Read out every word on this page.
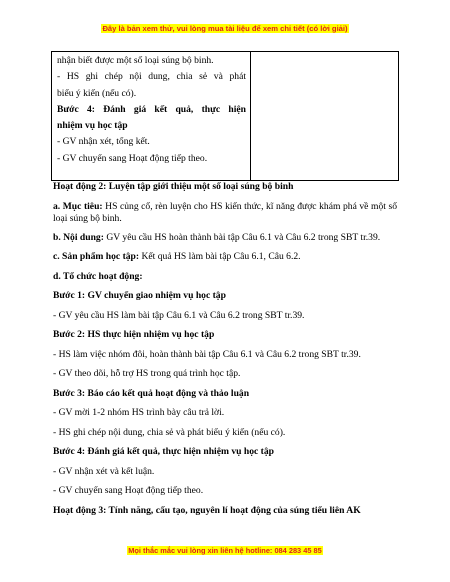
Đây là bản xem thử, vui lòng mua tài liệu để xem chi tiết (có lời giải)
nhận biết được một số loại súng bộ binh.
- HS ghi chép nội dung, chia sẻ và phát
biểu ý kiến (nếu có).
Bước 4: Đánh giá kết quả, thực hiện
nhiệm vụ học tập
- GV nhận xét, tổng kết.
- GV chuyển sang Hoạt động tiếp theo.

Hoạt động 2: Luyện tập giới thiệu một số loại súng bộ binh
a. Mục tiêu: HS củng cố, rèn luyện cho HS kiến thức, kĩ năng được khám phá về một số loại súng bộ binh.
b. Nội dung: GV yêu cầu HS hoàn thành bài tập Câu 6.1 và Câu 6.2 trong SBT tr.39.
c. Sản phẩm học tập: Kết quả HS làm bài tập Câu 6.1, Câu 6.2.
d. Tổ chức hoạt động:
Bước 1: GV chuyển giao nhiệm vụ học tập
- GV yêu cầu HS làm bài tập Câu 6.1 và Câu 6.2 trong SBT tr.39.
Bước 2: HS thực hiện nhiệm vụ học tập
- HS làm việc nhóm đôi, hoàn thành bài tập Câu 6.1 và Câu 6.2 trong SBT tr.39.
- GV theo dõi, hỗ trợ HS trong quá trình học tập.
Bước 3: Báo cáo kết quả hoạt động và thảo luận
- GV mời 1-2 nhóm HS trình bày câu trả lời.
- HS ghi chép nội dung, chia sẻ và phát biểu ý kiến (nếu có).
Bước 4: Đánh giá kết quả, thực hiện nhiệm vụ học tập
- GV nhận xét và kết luận.
- GV chuyển sang Hoạt động tiếp theo.
Hoạt động 3: Tính năng, cấu tạo, nguyên lí hoạt động của súng tiểu liên AK
Mọi thắc mắc vui lòng xin liên hệ hotline: 084 283 45 85
